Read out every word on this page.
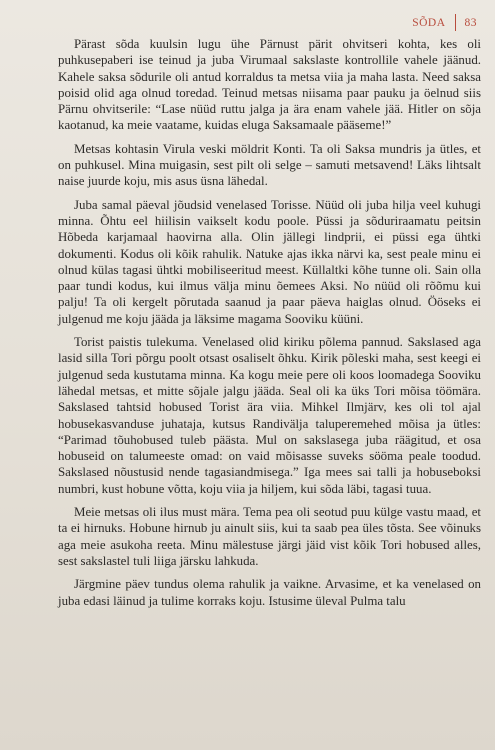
SÕDA 83

Pärast sõda kuulsin lugu ühe Pärnust pärit ohvitseri kohta, kes oli puhkusepaberi ise teinud ja juba Virumaal sakslaste kontrollile vahele jäänud. Kahele saksa sõdurile oli antud korraldus ta metsa viia ja maha lasta. Need saksa poisid olid aga olnud toredad. Teinud metsas niisama paar pauku ja öelnud siis Pärnu ohvitserile: “Lase nüüd ruttu jalga ja ära enam vahele jää. Hitler on sõja kaotanud, ka meie vaatame, kuidas eluga Saksamaale pääseme!”

Metsas kohtasin Virula veski möldrit Konti. Ta oli Saksa mundris ja ütles, et on puhkusel. Mina muigasin, sest pilt oli selge – samuti metsavend! Läks lihtsalt naise juurde koju, mis asus üsna lähedal.

Juba samal päeval jõudsid venelased Torisse. Nüüd oli juba hilja veel kuhugi minna. Õhtu eel hiilisin vaikselt kodu poole. Püssi ja sõduriraamatu peitsin Hõbeda karjamaal haovirna alla. Olin jällegi lindprii, ei püssi ega ühtki dokumenti. Kodus oli kõik rahulik. Natuke ajas ikka närvi ka, sest peale minu ei olnud külas tagasi ühtki mobiliseeritud meest. Küllaltki kõhe tunne oli. Sain olla paar tundi kodus, kui ilmus välja minu õemees Aksi. No nüüd oli rõõmu kui palju! Ta oli kergelt põrutada saanud ja paar päeva haiglas olnud. Ööseks ei julgenud me koju jääda ja läksime magama Sooviku küüni.

Torist paistis tulekuma. Venelased olid kiriku põlema pannud. Sakslased aga lasid silla Tori põrgu poolt otsast osaliselt õhku. Kirik põleski maha, sest keegi ei julgenud seda kustutama minna. Ka kogu meie pere oli koos loomadega Sooviku lähedal metsas, et mitte sõjale jalgu jääda. Seal oli ka üks Tori mõisa töömära. Sakslased tahtsid hobused Torist ära viia. Mihkel Ilmjärv, kes oli tol ajal hobusekasvanduse juhataja, kutsus Randivälja taluperemehed mõisa ja ütles: “Parimad tõuhobused tuleb päästa. Mul on sakslasega juba räägitud, et osa hobuseid on talumeeste omad: on vaid mõisasse suveks sööma peale toodud. Sakslased nõustusid nende tagasiandmisega.” Iga mees sai talli ja hobuseboksi numbri, kust hobune võtta, koju viia ja hiljem, kui sõda läbi, tagasi tuua.

Meie metsas oli ilus must mära. Tema pea oli seotud puu külge vastu maad, et ta ei hirnuks. Hobune hirnub ju ainult siis, kui ta saab pea üles tõsta. See võinuks aga meie asukoha reeta. Minu mälestuse järgi jäid vist kõik Tori hobused alles, sest sakslastel tuli liiga järsku lahkuda.

Järgmine päev tundus olema rahulik ja vaikne. Arvasime, et ka venelased on juba edasi läinud ja tulime korraks koju. Istusime üleval Pulma talu
